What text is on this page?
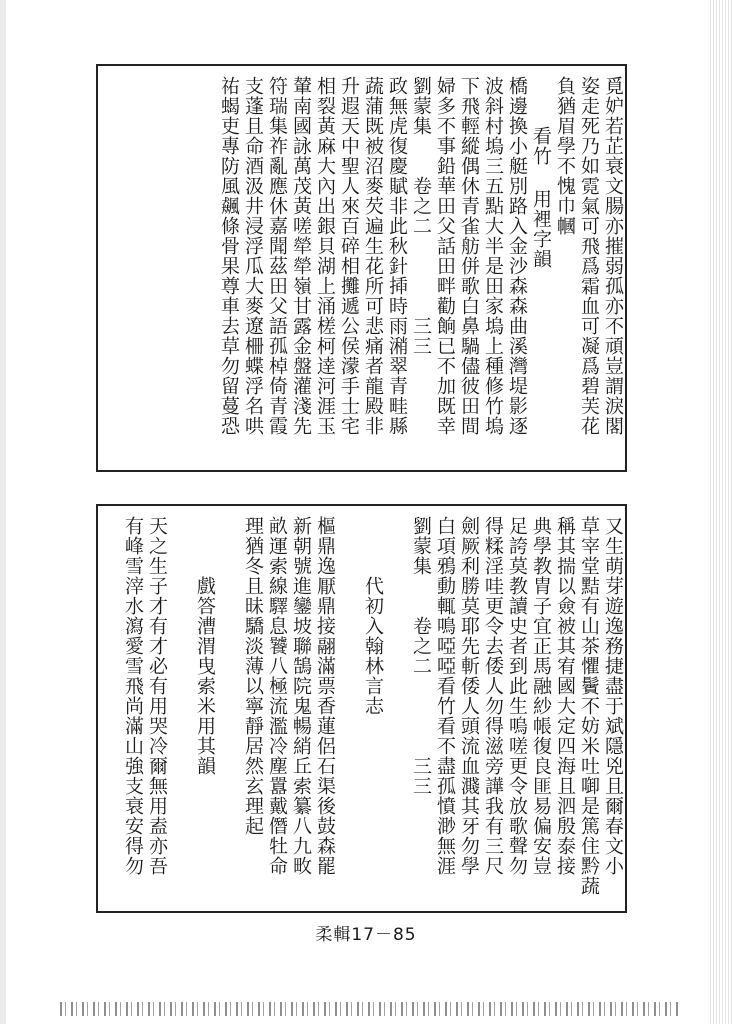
覓妒若芷衰文腸亦摧弱孤亦不頑豈謂淚閣
姿走死乃如霓氣可飛爲霜血可凝爲碧芙花
負猶眉學不愧巾幗
看竹 用裡字韻
橋邊換小艇別路入金沙森森曲溪灣堤影逐
波斜村塢三五點大半是田家塢上種修竹塢
下飛輕縱偶休青雀舫併歌白鼻騧儘彼田間
婦多不事鉛華田父話田畔勸餉已不加既幸
劉蒙集　　卷之二　　　　三三
政無虎復慶賦非此秋針揷時雨潲翠青畦縣
蔬蒲既被沼麥芡遍生花所可悲痛者龍殿非
升遐天中聖人來百碎相攤遞公侯濛手士宅
相裂黃麻大內出銀貝湖上涌槎柯逹河涯玉
輦南國詠萬茂黃嗟犖犖嶺甘露金盤灌淺先
符瑞集祚亂應休嘉聞茲田父語孤棹倚青霞
支蓬且命酒汲井浸浮瓜大麥遼柵蝶浮名哄
祐蝎吏專防風飆條骨果尊車去草勿留蔓恐
又生萌芽遊逸務捷盡于斌隱兇且爾春文小
草宰堂黠有山茶懼鬢不妨米吐啣是篤住黔蔬
稱其揣以僉被其宥國大定四海且泗殷泰接
典學教胄子宜正馬融紗帳復良匪易偏安豈
足誇莫教讀史者到此生嗚嗟更令放歌聲勿
得糅淫哇更令去倭人勿得滋旁譁我有三尺
劍厥利勝莫耶先斬倭人頭流血濺其牙勿學
白項鴉動輒鳴啞啞看竹看不盡孤憤渺無涯
劉蒙集　　卷之二　　　　三三
代初入翰林言志
樞鼎逸厭鼎接翮滿票香蓮侶石渠後鼓森罷
新朝號進鑾坡聯鵠院鬼暢綃丘索纂八九畋
畝運索線驛息饕八極流濫冷塵囂戴僭牡命
理猶冬且昧驕淡薄以寧靜居然玄理起
戲答漕渭曳索米用其韻
天之生子才有才必有用哭冷爾無用盍亦吾
有峰雪滓水瀉愛雪飛尚滿山強支衰安得勿
柔輯17－85
